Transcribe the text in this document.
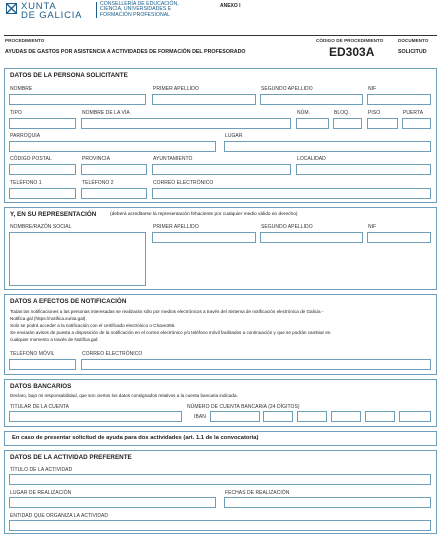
XUNTA
DE GALICIA
CONSELLERÍA DE EDUCACIÓN,
CIENCIA, UNIVERSIDADES E
FORMACIÓN PROFESIONAL
ANEXO I
PROCEDIMIENTO
AYUDAS DE GASTOS POR ASISTENCIA A ACTIVIDADES DE FORMACIÓN DEL PROFESORADO
CÓDIGO DE PROCEDIMIENTO
ED303A
DOCUMENTO
SOLICITUD
DATOS DE LA PERSONA SOLICITANTE
NOMBRE	PRIMER APELLIDO	SEGUNDO APELLIDO	NIF
TIPO	NOMBRE DE LA VÍA	NÚM.	BLOQ.	PISO	PUERTA
PARROQUIA	LUGAR
CÓDIGO POSTAL	PROVINCIA	AYUNTAMIENTO	LOCALIDAD
TELÉFONO 1	TELÉFONO 2	CORREO ELECTRÓNICO
Y, EN SU REPRESENTACIÓN	(deberá acreditarse la representación fehaciente por cualquier medio válido en derecho)
NOMBRE/RAZÓN SOCIAL	PRIMER APELLIDO	SEGUNDO APELLIDO	NIF
DATOS A EFECTOS DE NOTIFICACIÓN
Todas las notificaciones a las personas interesadas se realizarán sólo por medios electrónicos a través del Sistema de notificación electrónica de Galicia -
Notifica.gal (https://notifica.xunta.gal).
Solo se podrá acceder a la notificación con el certificado electrónico o Chave365.
Se enviarán avisos de puesta a disposición de la notificación en el correo electrónico y/o teléfono móvil facilitados a continuación y que se podrán cambiar en
cualquier momento a través de Notifica.gal:
TELÉFONO MÓVIL	CORREO ELECTRÓNICO
DATOS BANCARIOS
Declaro, bajo mi responsabilidad, que son ciertos los datos consignados relativos a la cuenta bancaria indicada.
TITULAR DE LA CUENTA	NÚMERO DE CUENTA BANCARIA (24 DÍGITOS)
IBAN
En caso de presentar solicitud de ayuda para dos actividades (art. 1.1 de la convocatoria)
DATOS DE LA ACTIVIDAD PREFERENTE
TÍTULO DE LA ACTIVIDAD
LUGAR DE REALIZACIÓN	FECHAS DE REALIZACIÓN
ENTIDAD QUE ORGANIZA LA ACTIVIDAD
